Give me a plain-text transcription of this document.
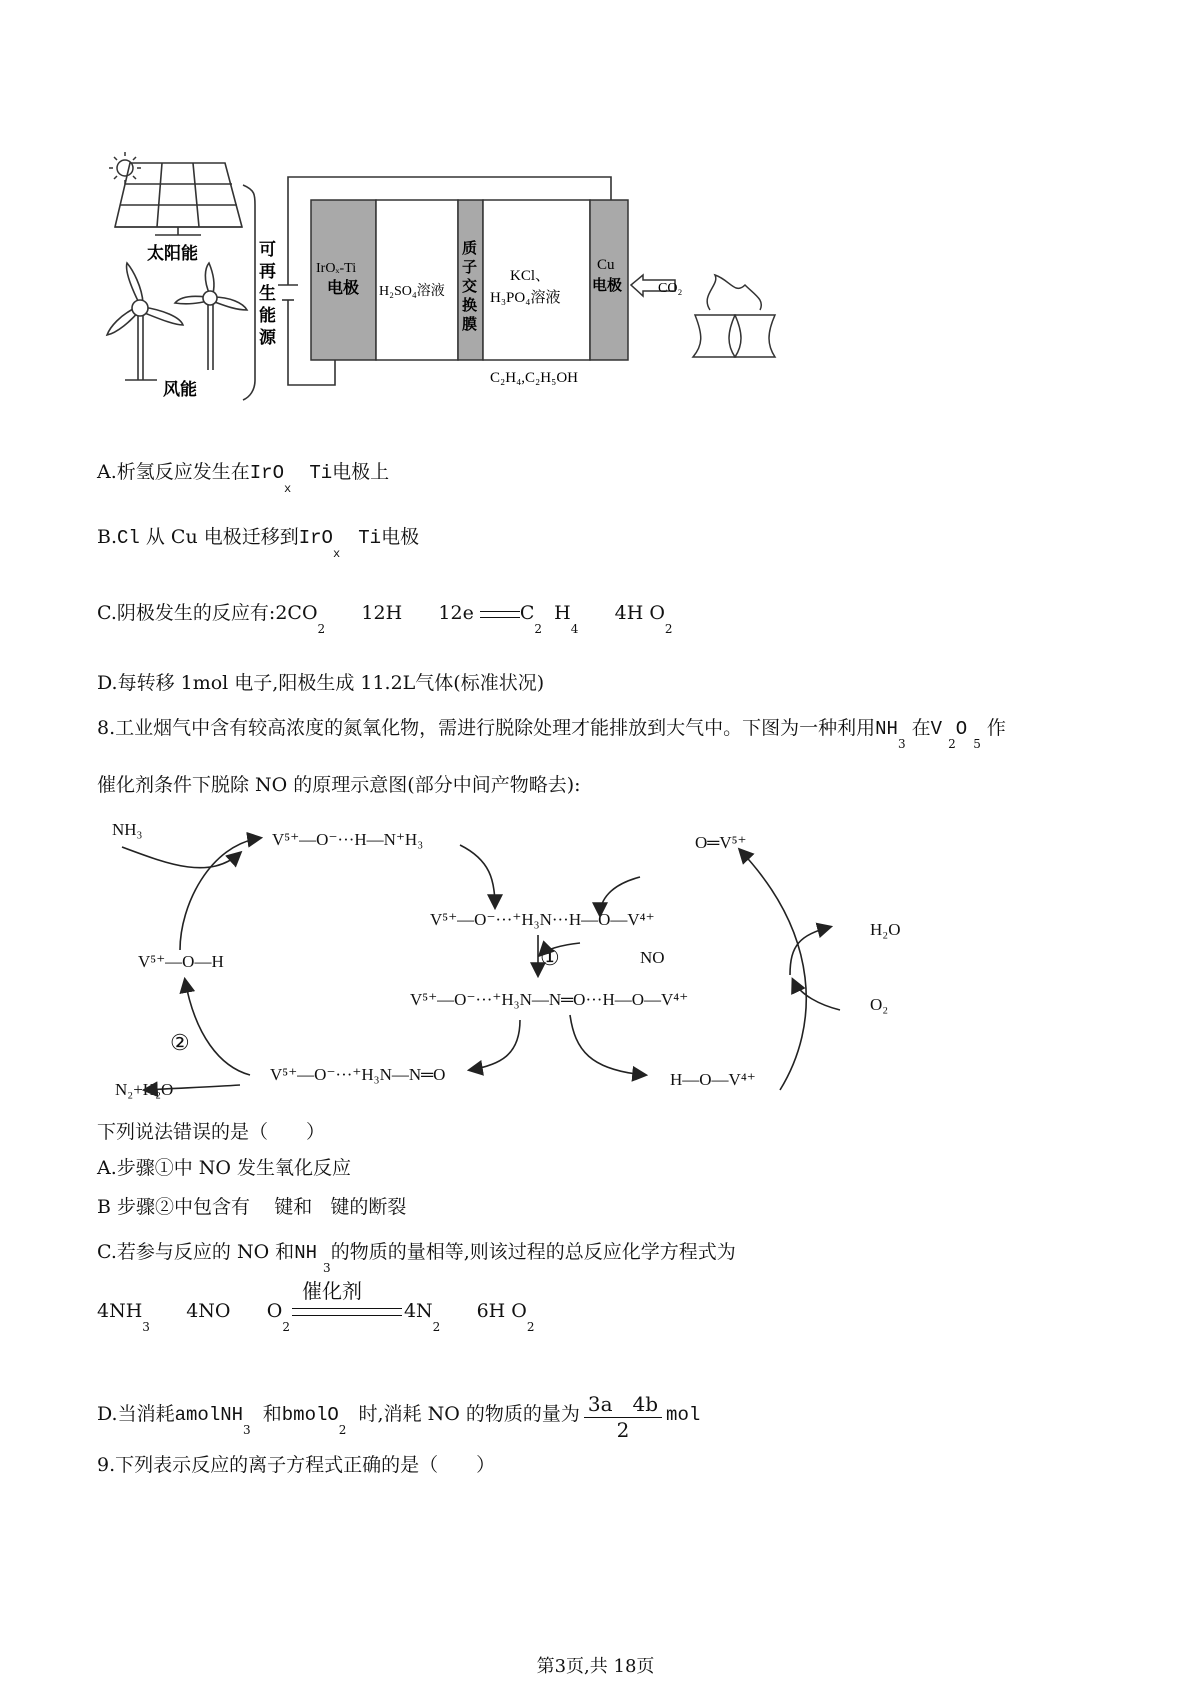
太阳能
风能
可
再
生
能
源
IrOₓ-Ti
电极 H₂SO₄溶液
质
子
交
换
膜
KCl、
H₃PO₄溶液
Cu
电极	CO₂
C₂H₄,C₂H₅OH
A.析氢反应发生在IrO$_x$   Ti电极上
B.Cl 从 Cu 电极迁移到IrO$_x$   Ti电极
C.阴极发生的反应有$:2CO_2$      12H 12e $C_2$  $H_4$      4H $O_2$
D.每转移 1mol 电子,阳极生成 11.2L气体(标准状况)
8.工业烟气中含有较高浓度的氮氧化物，需进行脱除处理才能排放到大气中。下图为一种利用$NH_3$ 在V $_2$O $_5$ 作
催化剂条件下脱除 NO 的原理示意图(部分中间产物略去):
NH₃
V⁵⁺—O⁻···H—N⁺H₃	O═V⁵⁺
V⁵⁺—O⁻···⁺H₃N···H—O—V⁴⁺
①	NO
H₂O
V⁵⁺—O—H
V⁵⁺—O⁻···⁺H₃N—N═O···H—O—V⁴⁺	O₂
②
V⁵⁺—O⁻···⁺H₃N—N═O	H—O—V⁴⁺
N₂+H₂O
下列说法错误的是（　　）
A.步骤①中 NO 发生氧化反应
B 步骤②中包含有 键和 键的断裂
C.若参与反应的 NO 和NH $_3$的物质的量相等,则该过程的总反应化学方程式为
$4NH_3$      4NO $O_2$
催化剂
$4N_2$      6H $O_2$
D.当消耗amolNH$_3$  和bmolO$_2$  时,消耗 NO 的物质的量为 $\frac{3a 4b}{2}$ mol
9.下列表示反应的离子方程式正确的是（　　）
第3页,共 18页
